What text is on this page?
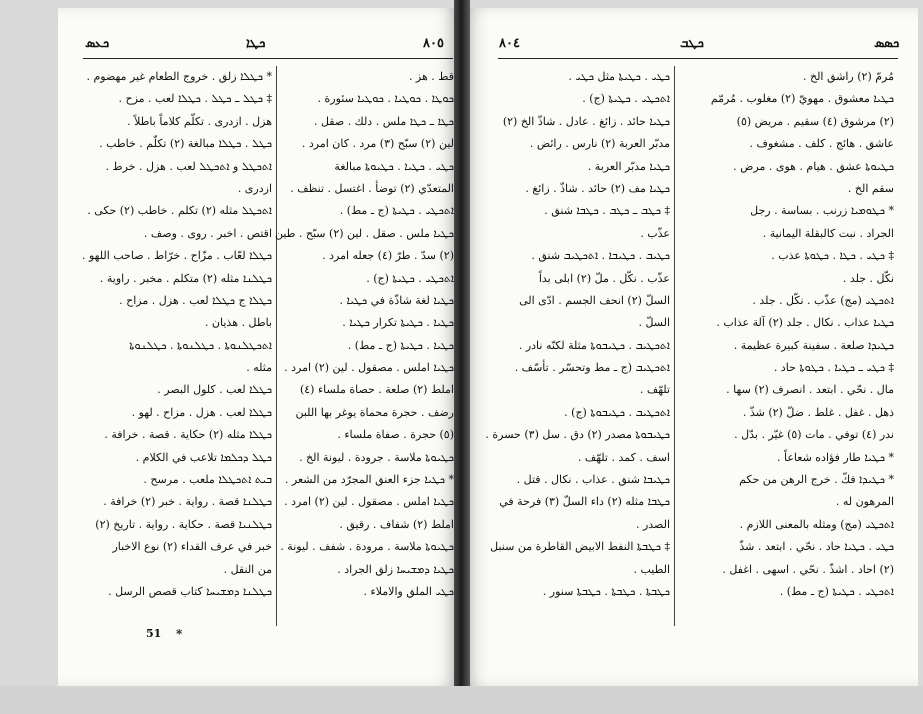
ܟܥܣ	ܟܛܐ	٨٠٥
قط . هز .
ܟܘܛܐ . ܟܘܛܝܐ . ܟܘܛܝܐ سئورة .
ܟܛܐ ـ ܟܛܐ ملس . دلك . صقل .
لين (٢) سبّح (٣) مرد . كان امرد .
ܟܛܝ . ܟܛܝܐ . ܟܛܝܘܬܐ مبالغة
المتعدّي (٢) توضأ . اغتسل . تنظف .
ܐܬܟܛܝ . ܟܛܝܬܐ (ج ـ مط) .
ܟܛܝܐ ملس . صقل . لين (٢) سبّح . طين
(٢) سدّ . طرّ (٤) جعله امرد .
ܐܬܟܛܝ . ܟܛܝܬܐ (ج) .
ܟܛܝܐ لغة شاذّة في ܟܛܝܐ .
ܟܛܝܐ . ܟܛܝܬܐ تكرار ܟܛܝܐ .
ܟܛܝܐ . ܟܛܝܬܐ (ج ـ مط) .
ܟܛܝܐ املس . مصقول . لين (٢) امرد .
املط (٢) صلعة . حصاة ملساء (٤)
رضف . حجرة محماة يوغر بها اللبن
(٥) حجرة . صفاة ملساء .
ܟܛܝܘܬܐ ملاسة . جرودة . ليونة الخ .
* ܟܛܝܐ جزء العنق المجرّد من الشعر .
ܟܛܝܐ املس . مصقول . لين (٢) امرد .
املط (٢) شفاف . رقيق .
ܟܛܝܘܬܐ ملاسة . مرودة . شفف . ليونة .
ܟܛܝܐ ܕܡܫܝܚܐ زلق الجراد .
ܟܛܝ الملق والاملاء .
* ܟܛܠܐ زلق . خروج الطعام غير مهضوم .
‡ ܟܛܠ ـ ܟܛܠ . ܟܛܠܐ لعب . مزح .
هزل . ازدرى . تكلّم كلاماً باطلاً .
ܟܛܠ . ܟܛܠܐ مبالغة (٢) تكلّم . خاطب .
ܐܬܟܛܠ و ܐܬܟܛܠ لعب . هزل . خرط .
ازدرى .
ܐܬܟܛܠ مثله (٢) تكلم . خاطب (٢) حكى .
اقتص . اخبر . روى . وصف .
ܟܛܠܐ لعّاب . مزّاح . خرّاط . صاحب اللهو .
ܟܛܠܢܐ مثله (٢) متكلم . مخبر . راوية .
ܟܛܠܐ ج ܟܛܠܐ لعب . هزل . مزاح .
باطل . هذيان .
ܐܬܟܛܠܢܘܬܐ . ܟܛܠܢܘܬܐ . ܟܛܠܢܘܬܐ
مثله .
ܟܛܠܐ لعب . كلول البصر .
ܟܛܠܐ لعب . هزل . مزاح . لهو .
ܟܛܠܐ مثله (٢) حكاية . قصة . خرافة .
ܟܛܠ ܕܟܠܡܐ تلاعب في الكلام .
ܒܝܬ ܐܬܟܛܠܐ ملعب . مرسح .
ܟܛܠܢܐ قصة . رواية . خبر (٢) خرافة .
ܟܛܠܢܝܐ قصة . حكاية . رواية . تاريخ (٢)
خبر في عرف القداء (٢) نوع الاخبار
من النقل .
ܟܛܠܢܐ ܕܡܫܝܚܐ كتاب قصص الرسل .
51 *
٨٠٤	ܟܛܒ	ܟܣܣ
مُرمّ (٢) راشق الخ .
ܟܛܝܐ معشوق . مهويّ (٢) مغلوب . مُرمّم
(٢) مرشوق (٤) سقيم . مريض (٥)
عاشق . هائج . كلف . مشغوف .
ܟܛܝܘܬܐ عشق . هيام . هوى . مرض .
سقم الخ .
* ܟܛܘܡܝܐ زرنب . بساسة . رجل
الجراد . نبت كالبقلة اليمانية .
‡ ܟܛܝ . ܟܛܐ . ܟܛܘܬܐ عذب .
نكّل . جلد .
ܐܬܟܛܝ (مج) عذّب . نكّل . جلد .
ܟܛܝܐ عذاب . نكال . جلد (٢) آلة عذاب .
ܟܛܝܕܐ صلعة . سفينة كبيرة عظيمة .
‡ ܟܛܝ ـ ܟܛܝܐ . ܟܛܘܬܐ حاد .
مال . نحّي . ابتعد . انصرف (٢) سها .
ذهل . غفل . غلط . ضلّ (٢) شذّ .
ندر (٤) توفي . مات (٥) غيّر . بدّل .
* ܟܛܝܐ طار فؤاده شعاعاً .
* ܟܛܝܕܐ فكّ . خرج الرهن من حكم
المرهون له .
ܐܬܟܛܝ (مج) ومثله بالمعنى اللازم .
ܟܛܝ . ܟܛܝܐ حاد . نحّي . ابتعد . شذّ
(٢) احاد . اشذّ . نحّي . اسهى . اغفل .
ܐܬܟܛܝ . ܟܛܝܬܐ (ج ـ مط) .
ܟܛܝ . ܟܛܝܬܐ مثل ܟܛܝ .
ܐܬܟܛܝ . ܟܛܝܬܐ (ج) .
ܟܛܝܐ حائد . زائغ . عادل . شاذّ الخ (٢)
مدبّر العربة (٢) نارس . رائض .
ܟܛܝܐ مدبّر العربة .
ܟܛܝܐ مف (٢) حائد . شاذّ . زائغ .
‡ ܟܛܒ ـ ܟܛܒ . ܟܛܒܐ شنق .
عذّب .
ܟܛܝܒ . ܟܛܝܒܐ . ܐܬܟܛܝܒ شنق .
عذّب . نكّل . ملّ (٢) ابلى بداً
السلّ (٢) انحف الجسم . ادّى الى
السلّ .
ܐܬܟܛܝܒ . ܟܛܝܒܘܬܐ مثلة لكنّه نادر .
ܐܬܟܛܝܒ (ج ـ مط وتحسّر . تأسّف .
تلهّف .
ܐܬܟܛܝܒ . ܟܛܝܒܘܬܐ (ج) .
ܟܛܝܒܘܬܐ مصدر (٢) دق . سل (٣) حسرة .
اسف . كمد . تلهّف .
ܟܛܝܒܐ شنق . عذاب . نكال . قتل .
ܟܛܒܐ مثله (٢) داء السلّ (٣) فرحة في
الصدر .
‡ ܟܛܒܬܐ النفط الابيض القاطرة من سنبل
الطيب .
ܟܛܒܬܐ . ܟܛܒܬܐ . ܟܛܒܬܐ سنور .
